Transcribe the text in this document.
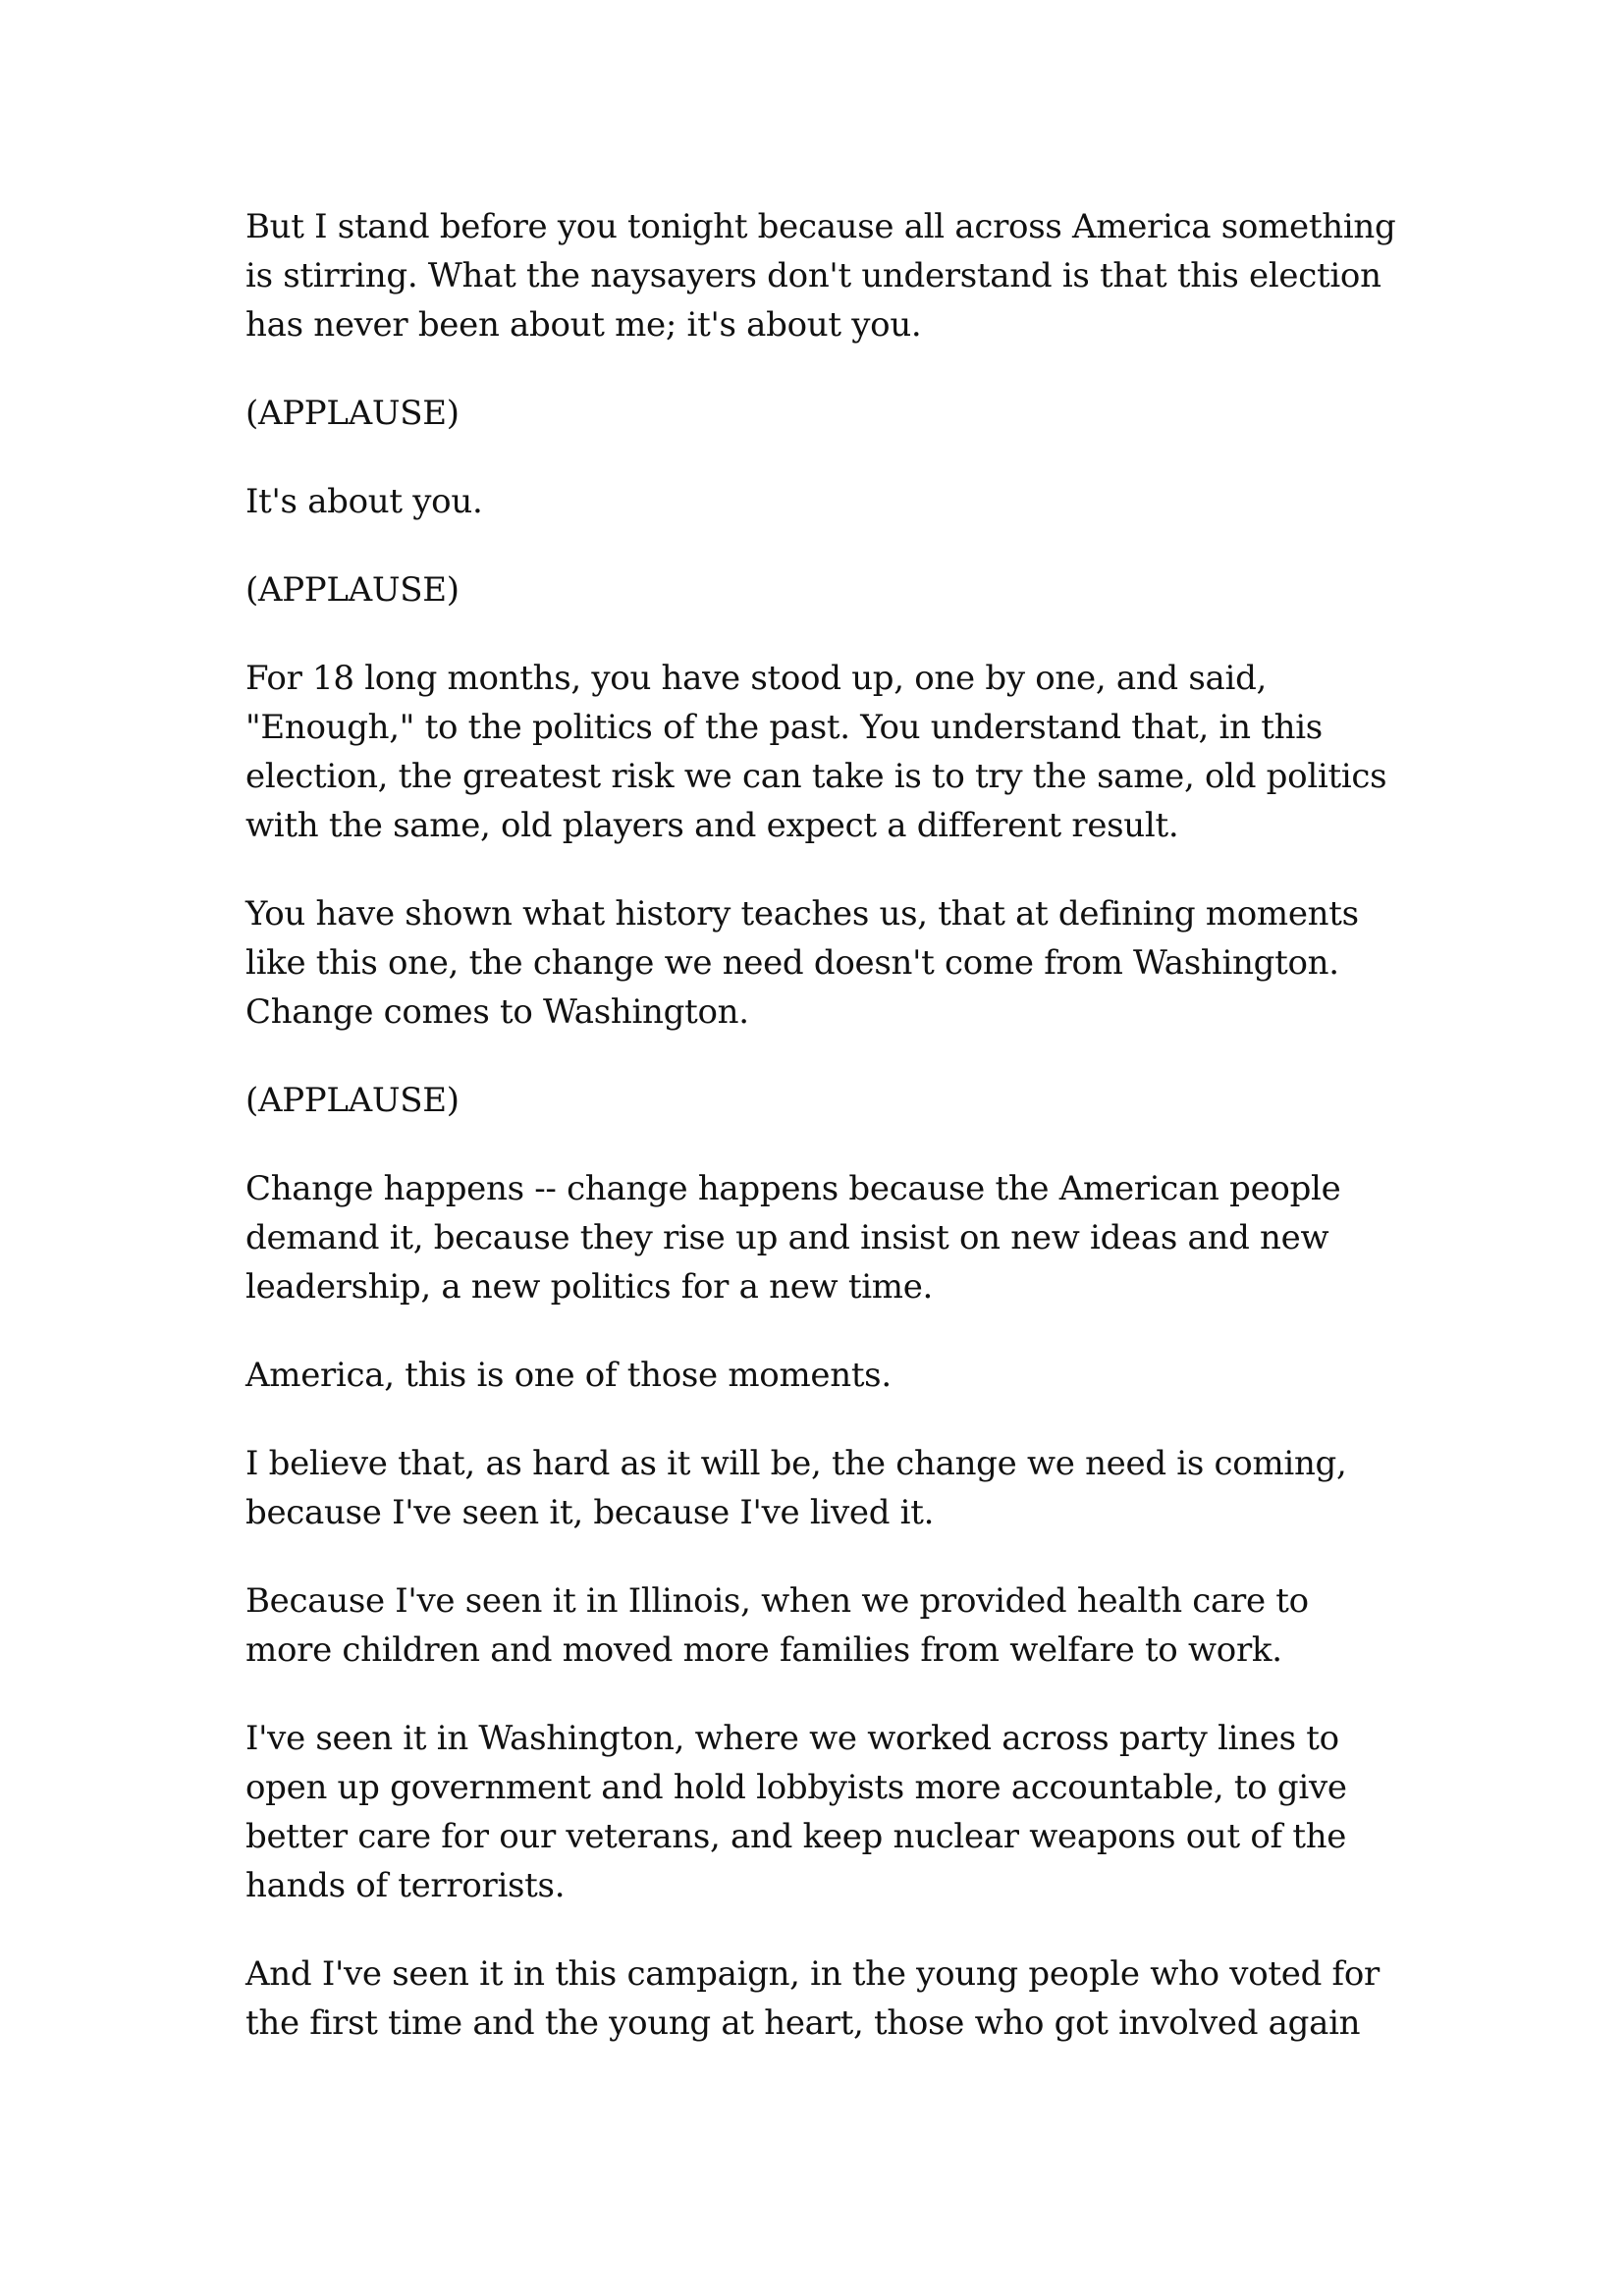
But I stand before you tonight because all across America something is stirring. What the naysayers don't understand is that this election has never been about me; it's about you.

(APPLAUSE)

It's about you.

(APPLAUSE)

For 18 long months, you have stood up, one by one, and said, "Enough," to the politics of the past. You understand that, in this election, the greatest risk we can take is to try the same, old politics with the same, old players and expect a different result.

You have shown what history teaches us, that at defining moments like this one, the change we need doesn't come from Washington. Change comes to Washington.

(APPLAUSE)

Change happens -- change happens because the American people demand it, because they rise up and insist on new ideas and new leadership, a new politics for a new time.

America, this is one of those moments.

I believe that, as hard as it will be, the change we need is coming, because I've seen it, because I've lived it.

Because I've seen it in Illinois, when we provided health care to more children and moved more families from welfare to work.

I've seen it in Washington, where we worked across party lines to open up government and hold lobbyists more accountable, to give better care for our veterans, and keep nuclear weapons out of the hands of terrorists.

And I've seen it in this campaign, in the young people who voted for the first time and the young at heart, those who got involved again
